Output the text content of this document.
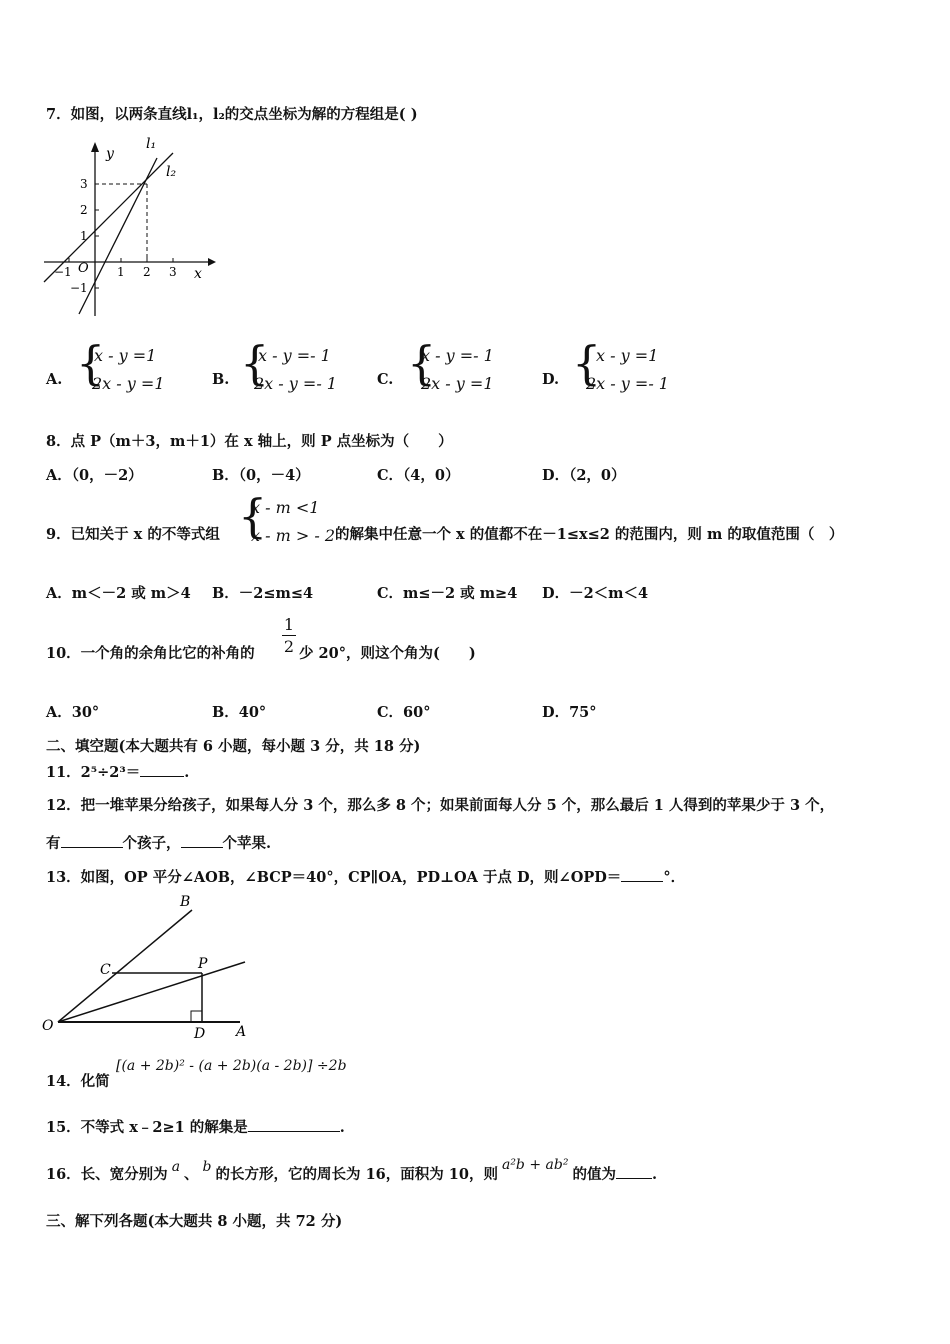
7．如图，以两条直线l₁，l₂的交点坐标为解的方程组是( )
y
x
O
l₁
l₂
−1	1 2 3
1
2
3
−1
A. {
x - y =1
2x - y =1	B. {
x - y =- 1
2x - y =- 1	C. {
x - y =- 1
2x - y =1	D. {
x - y =1
2x - y =- 1
8．点 P（m＋3，m＋1）在 x 轴上，则 P 点坐标为（　　）
A．（0，－2）	B．（0，－4）	C．（4，0）	D．（2，0）
9．已知关于 x 的不等式组 {
x - m <1
x - m > - 2 的解集中任意一个 x 的值都不在－1≤x≤2 的范围内，则 m 的取值范围（　）
A．m＜－2 或 m＞4 B．－2≤m≤4	C．m≤－2 或 m≥4 D．－2＜m＜4
10．一个角的余角比它的补角的
1
2 少 20°，则这个角为(　　)
A．30°	B．40°	C．60°	D．75°
二、填空题(本大题共有 6 小题，每小题 3 分，共 18 分)
11．2⁵÷2³＝	.
12．把一堆苹果分给孩子，如果每人分 3 个，那么多 8 个；如果前面每人分 5 个，那么最后 1 人得到的苹果少于 3 个，
有	个孩子，	个苹果.
13．如图，OP 平分∠AOB，∠BCP＝40°，CP∥OA，PD⊥OA 于点 D，则∠OPD＝	°．
O	A
B
C	P
D
14．化简
[(a + 2b)² - (a + 2b)(a - 2b)] ÷2b
15．不等式 x﹣2≥1 的解集是	.
16．长、宽分别为 a 、 b 的长方形，它的周长为 16，面积为 10，则a²b + ab²的值为 .
三、解下列各题(本大题共 8 小题，共 72 分)
